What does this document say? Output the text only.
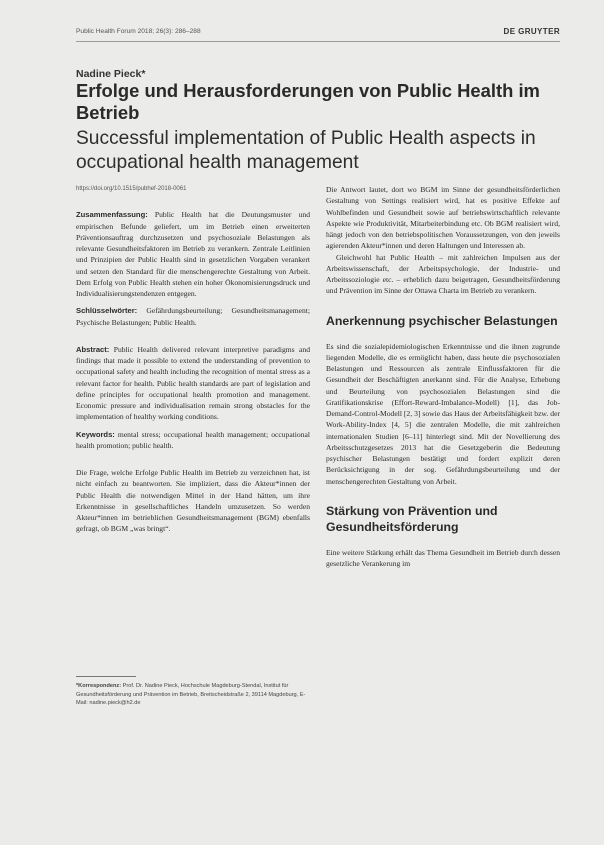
Public Health Forum 2018; 26(3): 286–288	DE GRUYTER
Nadine Pieck*
Erfolge und Herausforderungen von Public Health im Betrieb
Successful implementation of Public Health aspects in occupational health management
https://doi.org/10.1515/pubhef-2018-0061

Zusammenfassung: Public Health hat die Deutungsmuster und empirischen Befunde geliefert, um im Betrieb einen erweiterten Präventionsauftrag durchzusetzen und psychosoziale Belastungen als relevante Gesundheitsfaktoren im Betrieb zu verankern. Zentrale Leitlinien und Prinzipien der Public Health sind in gesetzlichen Vorgaben verankert und setzen den Standard für die menschengerechte Gestaltung von Arbeit. Dem Erfolg von Public Health stehen ein hoher Ökonomisierungsdruck und Individualisierungstendenzen entgegen.

Schlüsselwörter: Gefährdungsbeurteilung; Gesundheitsmanagement; Psychische Belastungen; Public Health.

Abstract: Public Health delivered relevant interpretive paradigms and findings that made it possible to extend the understanding of prevention to occupational safety and health including the recognition of mental stress as a relevant factor for health. Public health standards are part of legislation and define principles for occupational health promotion and management. Economic pressure and individualisation remain strong obstacles for the implementation of healthy working conditions.

Keywords: mental stress; occupational health management; occupational health promotion; public health.

Die Frage, welche Erfolge Public Health im Betrieb zu verzeichnen hat, ist nicht einfach zu beantworten. Sie impliziert, dass die Akteur*innen der Public Health die notwendigen Mittel in der Hand hätten, um ihre Erkenntnisse in gesellschaftliches Handeln umzusetzen. So werden Akteur*innen im betrieblichen Gesundheitsmanagement (BGM) ebenfalls gefragt, ob BGM „was bringt“.

*Korrespondenz: Prof. Dr. Nadine Pieck, Hochschule Magdeburg-Stendal, Institut für Gesundheitsförderung und Prävention im Betrieb, Breitscheidstraße 2, 39114 Magdeburg, E-Mail: nadine.pieck@h2.de

Die Antwort lautet, dort wo BGM im Sinne der gesundheitsförderlichen Gestaltung von Settings realisiert wird, hat es positive Effekte auf Wohlbefinden und Gesundheit sowie auf betriebswirtschaftlich relevante Aspekte wie Produktivität, Mitarbeiterbindung etc. Ob BGM realisiert wird, hängt jedoch von den betriebspolitischen Voraussetzungen, von den jeweils agierenden Akteur*innen und deren Haltungen und Interessen ab.

Gleichwohl hat Public Health – mit zahlreichen Impulsen aus der Arbeitswissenschaft, der Arbeitspsychologie, der Industrie- und Arbeitssoziologie etc. – erheblich dazu beigetragen, Gesundheitsförderung und Prävention im Sinne der Ottawa Charta im Betrieb zu verankern.

Anerkennung psychischer Belastungen

Es sind die sozialepidemiologischen Erkenntnisse und die ihnen zugrunde liegenden Modelle, die es ermöglicht haben, dass heute die psychosozialen Belastungen und Ressourcen als zentrale Einflussfaktoren für die Gesundheit der Beschäftigten anerkannt sind. Für die Analyse, Erhebung und Beurteilung von psychosozialen Belastungen sind die Gratifikationskrise (Effort-Reward-Imbalance-Modell) [1], das Job-Demand-Control-Modell [2, 3] sowie das Haus der Arbeitsfähigkeit bzw. der Work-Ability-Index [4, 5] die zentralen Modelle, die mit zahlreichen internationalen Studien [6–11] hinterlegt sind. Mit der Novellierung des Arbeitsschutzgesetzes 2013 hat die Gesetzgeberin die Bedeutung psychischer Belastungen bestätigt und fordert explizit deren Berücksichtigung in der sog. Gefährdungsbeurteilung und der menschengerechten Gestaltung von Arbeit.

Stärkung von Prävention und Gesundheitsförderung

Eine weitere Stärkung erhält das Thema Gesundheit im Betrieb durch dessen gesetzliche Verankerung im
